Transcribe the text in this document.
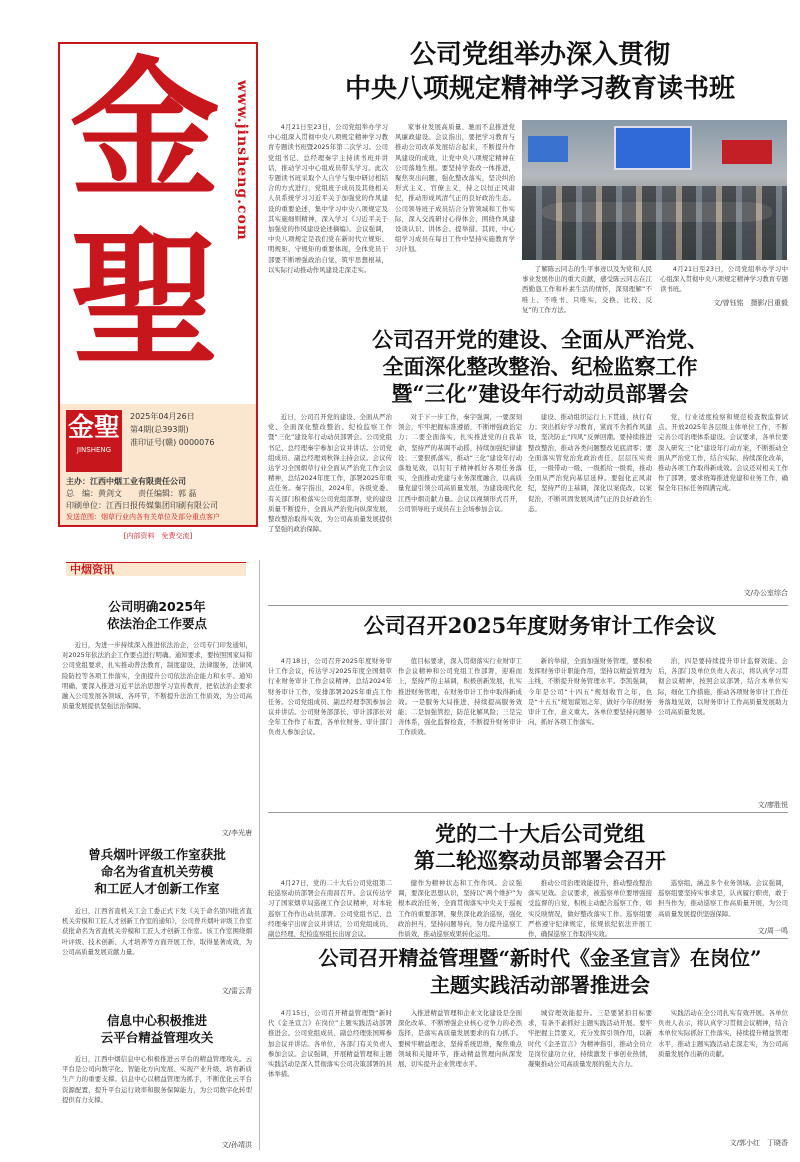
金
聖
www.jinsheng.com
金聖
JINSHENG
2025年04月26日
第4期(总393期)
准印证号(赣) 0000076
主办：江西中烟工业有限责任公司
总　编：黄剑文　　责任编辑：郭 磊
印刷单位：江西日报传媒集团印刷有限公司
发送范围：烟草行业内各有关单位及部分重点客户
[内部资料　免费交流]
公司党组举办深入贯彻
中央八项规定精神学习教育读书班

4月21日至23日，公司党组举办学习中心组深入贯彻中央八项规定精神学习教育专题读书班暨2025年第二次学习。公司党组书记、总经理秦宇主持读书班并讲话，推动学习中心组成员带头学习。此次专题读书班采取个人自学与集中研讨相结合的方式进行，党组班子成员及其他相关人员系统学习习近平关于加强党的作风建设的重要论述，集中学习中央八项规定及其实施细则精神，深入学习《习近平关于加强党的作风建设论述摘编》。会议强调，中央八项规定是我们党在新时代立规矩、明规矩、守规矩的重要体现，全体党员干部要不断增强政治自觉，筑牢思想根基，以实际行动推动作风建设走深走实。

家事业发展高质量、驰而不息推进党风廉政建设。会议指出，要把学习教育与推动公司改革发展结合起来，不断提升作风建设的成效，让党中央八项规定精神在公司落地生根。要坚持学查改一体推进，聚焦突出问题，强化整改落实，坚决纠治形式主义、官僚主义，持之以恒正风肃纪，推动形成风清气正的良好政治生态。公司领导班子成员结合分管领域和工作实际，深入交流研讨心得体会，围绕作风建设谈认识、讲体会、提举措。其间，中心组学习成员在每日工作中坚持实施教育学习计划。

了解陈云同志的生平事迹以及为党和人民事业发展作出的重大贡献，感受陈云同志在江西勤恳工作和朴素生活的情怀，深刻理解“不唯上、不唯书、只唯实，交换、比较、反复”的工作方法。

4月21日至23日，公司党组举办学习中心组深入贯彻中央八项规定精神学习教育专题读书班。

文/曾钰铭　摄影/吕重毅
公司召开党的建设、全面从严治党、
全面深化整改整治、纪检监察工作
暨“三化”建设年行动动员部署会

近日，公司召开党的建设、全面从严治党、全面深化整改整治、纪检监察工作暨“三化”建设年行动动员部署会。公司党组书记、总经理秦宇参加会议并讲话。公司党组成员、副总经理刘秋锋主持会议。会议传达学习全国烟草行业全面从严治党工作会议精神，总结2024年度工作，部署2025年重点任务。秦宇指出，2024年，各级党委、有关部门积极落实公司党组部署，党的建设质量不断提升，全面从严治党向纵深发展，整改整治取得实效，为公司高质量发展提供了坚强的政治保障。

对于下一步工作，秦宇强调，一要深刻领会，牢牢把握标准遵循，不断增强政治定力；二要全面落实，扎实推进党的自我革命，坚持严的基调不动摇，持续加强纪律建设；三要狠抓落实，推动“三化”建设年行动落地见效，以钉钉子精神抓好各项任务落实，全面推动党建与业务深度融合，以高质量党建引领公司高质量发展，为建设现代化江西中烟贡献力量。会议以视频形式召开，公司领导班子成员在主会场参加会议。

建设、推动组织运行上下贯通、执行有力；突出抓好学习教育，紧而不舍抓作风建设，坚决防止“四风”反弹回潮。要持续推进整改整治，推动各类问题整改见底清零；要全面落实管党治党政治责任，层层压实责任，一级带动一级、一级抓给一级看，推动全面从严治党向基层延伸。要强化正风肃纪，坚持严的主基调，深化以案促改、以案促治，不断巩固发展风清气正的良好政治生态。

党，行业适度检察和规范检查数监督试点。开放2025年各层级主体单位工作，不断完善公司治理体系建设。会议要求，各单位要深入研究三“化”建设年行动方案，不断推动全面从严治党工作，结合实际，持续深化改革，推动各项工作取得新成效。会议还对相关工作作了部署，要求统筹推进党建和业务工作，确保全年目标任务圆满完成。

文/办公室综合
公司召开2025年度财务审计工作会议

4月18日，公司召开2025年度财务审计工作会议，传达学习2025年度全国烟草行业财务审计工作会议精神，总结2024年财务审计工作，安排部署2025年重点工作任务。公司党组成员、副总经理李凯参加会议并讲话。公司财务部部长、审计部部长对全年工作作了布置，各单位财务、审计部门负责人参加会议。

值目标要求，深入贯彻落实行业财审工作会议精神和公司党组工作部署，迎难而上，坚持严的主基调，积极创新发展，扎实推进财务管理，在财务审计工作中取得新成效。一是服务大局推进，持续提高服务效能；二是加强管控，防范化解风险；三是完善体系，强化监督检查，不断提升财务审计工作质效。

新的举措，全面加强财务管理，要积极发挥财务审计职能作用，坚持以精益管理为主线，不断提升财务管理水平。李凯强调，今年是公司“十四五”规划收官之年，也是“十五五”规划谋划之年，做好今年的财务审计工作，意义重大。各单位要坚持问题导向，抓好各项工作落实。

治，四是要持续提升审计监督效能。会后，各部门及单位负责人表示，将认真学习贯彻会议精神，按照会议部署，结合本单位实际，细化工作措施，推动各项财务审计工作任务落地见效，以财务审计工作高质量发展助力公司高质量发展。

文/廖胜悦
党的二十大后公司党组
第二轮巡察动员部署会召开

4月27日，党的二十大后公司党组第二轮巡察动员部署会在南昌召开。会议传达学习了国家烟草局巡视工作会议精神，对本轮巡察工作作出动员部署。公司党组书记、总经理秦宇出席会议并讲话，公司党组成员、副总经理、纪检监察组长出席会议。

健作为精神状态和工作作风。会议强调，要深化思想认识，坚持以“两个维护”为根本政治任务，全面贯彻落实中央关于巡视工作的重要部署，聚焦深化政治巡察，强化政治担当，坚持问题导向，努力提升巡察工作质效，推动巡察成果转化运用。

推动公司治理效能提升，推动整改整治落实见效。会议要求，被巡察单位要增强接受监督的自觉，积极主动配合巡察工作，如实反映情况，做好整改落实工作。巡察组要严格遵守纪律规定，依规依纪依法开展工作，确保巡察工作取得实效。

巡察组，涵盖多个业务领域。会议强调，巡察组要坚持实事求是，认真履行职责，敢于担当作为，推动巡察工作高质量开展，为公司高质量发展提供坚强保障。

文/周一鸣
公司召开精益管理暨“新时代《金圣宣言》在岗位”
主题实践活动部署推进会

4月15日，公司召开精益管理暨“新时代《金圣宣言》在岗位”主题实践活动部署推进会。公司党组成员、副总经理张国辉参加会议并讲话。各单位、各部门有关负责人参加会议。会议强调，开展精益管理和主题实践活动是深入贯彻落实公司决策部署的具体举措。

入推进精益管理和企业文化建设是全面深化改革、不断增强企业核心竞争力的必然选择，是落实高质量发展要求的有力抓手。要树牢精益理念，坚持系统思维，聚焦重点领域和关键环节，推动精益管理向纵深发展，切实提升企业管理水平。

城营理效能提升。三是要紧扣目标要求，有条不紊抓好主题实践活动开展。要牢牢把握主旨要义，充分发挥引领作用，以新时代《金圣宣言》为精神指引，推动全员立足岗位建功立业，持续激发干事创业热情，凝聚推动公司高质量发展的强大合力。

实践活动在全公司扎实有效开展。各单位负责人表示，将认真学习贯彻会议精神，结合本单位实际抓好工作落实，持续提升精益管理水平，推动主题实践活动走深走实，为公司高质量发展作出新的贡献。

文/郭小红　丁晓香
中烟资讯
公司明确2025年
依法治企工作要点

近日，为进一步持续深入推进依法治企，公司专门印发通知，对2025年依法治企工作要点进行明确。通知要求，要按照国家局和公司党组要求，扎实推动普法教育，制度建设，法律服务，法律风险防控等各项工作落实，全面提升公司依法治企能力和水平。通知明确，要深入推进习近平法治思想学习宣传教育，把依法治企要求融入公司发展各领域、各环节，不断提升法治工作质效，为公司高质量发展提供坚强法治保障。

文/李光唐
曾兵烟叶评级工作室获批
命名为省直机关劳模
和工匠人才创新工作室

近日，江西省直机关工会工委正式下发《关于命名第四批省直机关劳模和工匠人才创新工作室的通知》，公司曾兵烟叶评级工作室获批命名为省直机关劳模和工匠人才创新工作室。该工作室围绕烟叶评级、技术创新、人才培养等方面开展工作，取得显著成效，为公司高质量发展贡献力量。

文/雷云青
信息中心积极推进
云平台精益管理攻关

近日，江西中烟信息中心积极推进云平台的精益管理攻关。云平台是公司向数字化、智能化方向发展、实现产业升级、培育新质生产力的重要支撑。信息中心以精益管理为抓手，不断优化云平台资源配置，提升平台运行效率和服务保障能力，为公司数字化转型提供有力支撑。

文/孙靖洪
